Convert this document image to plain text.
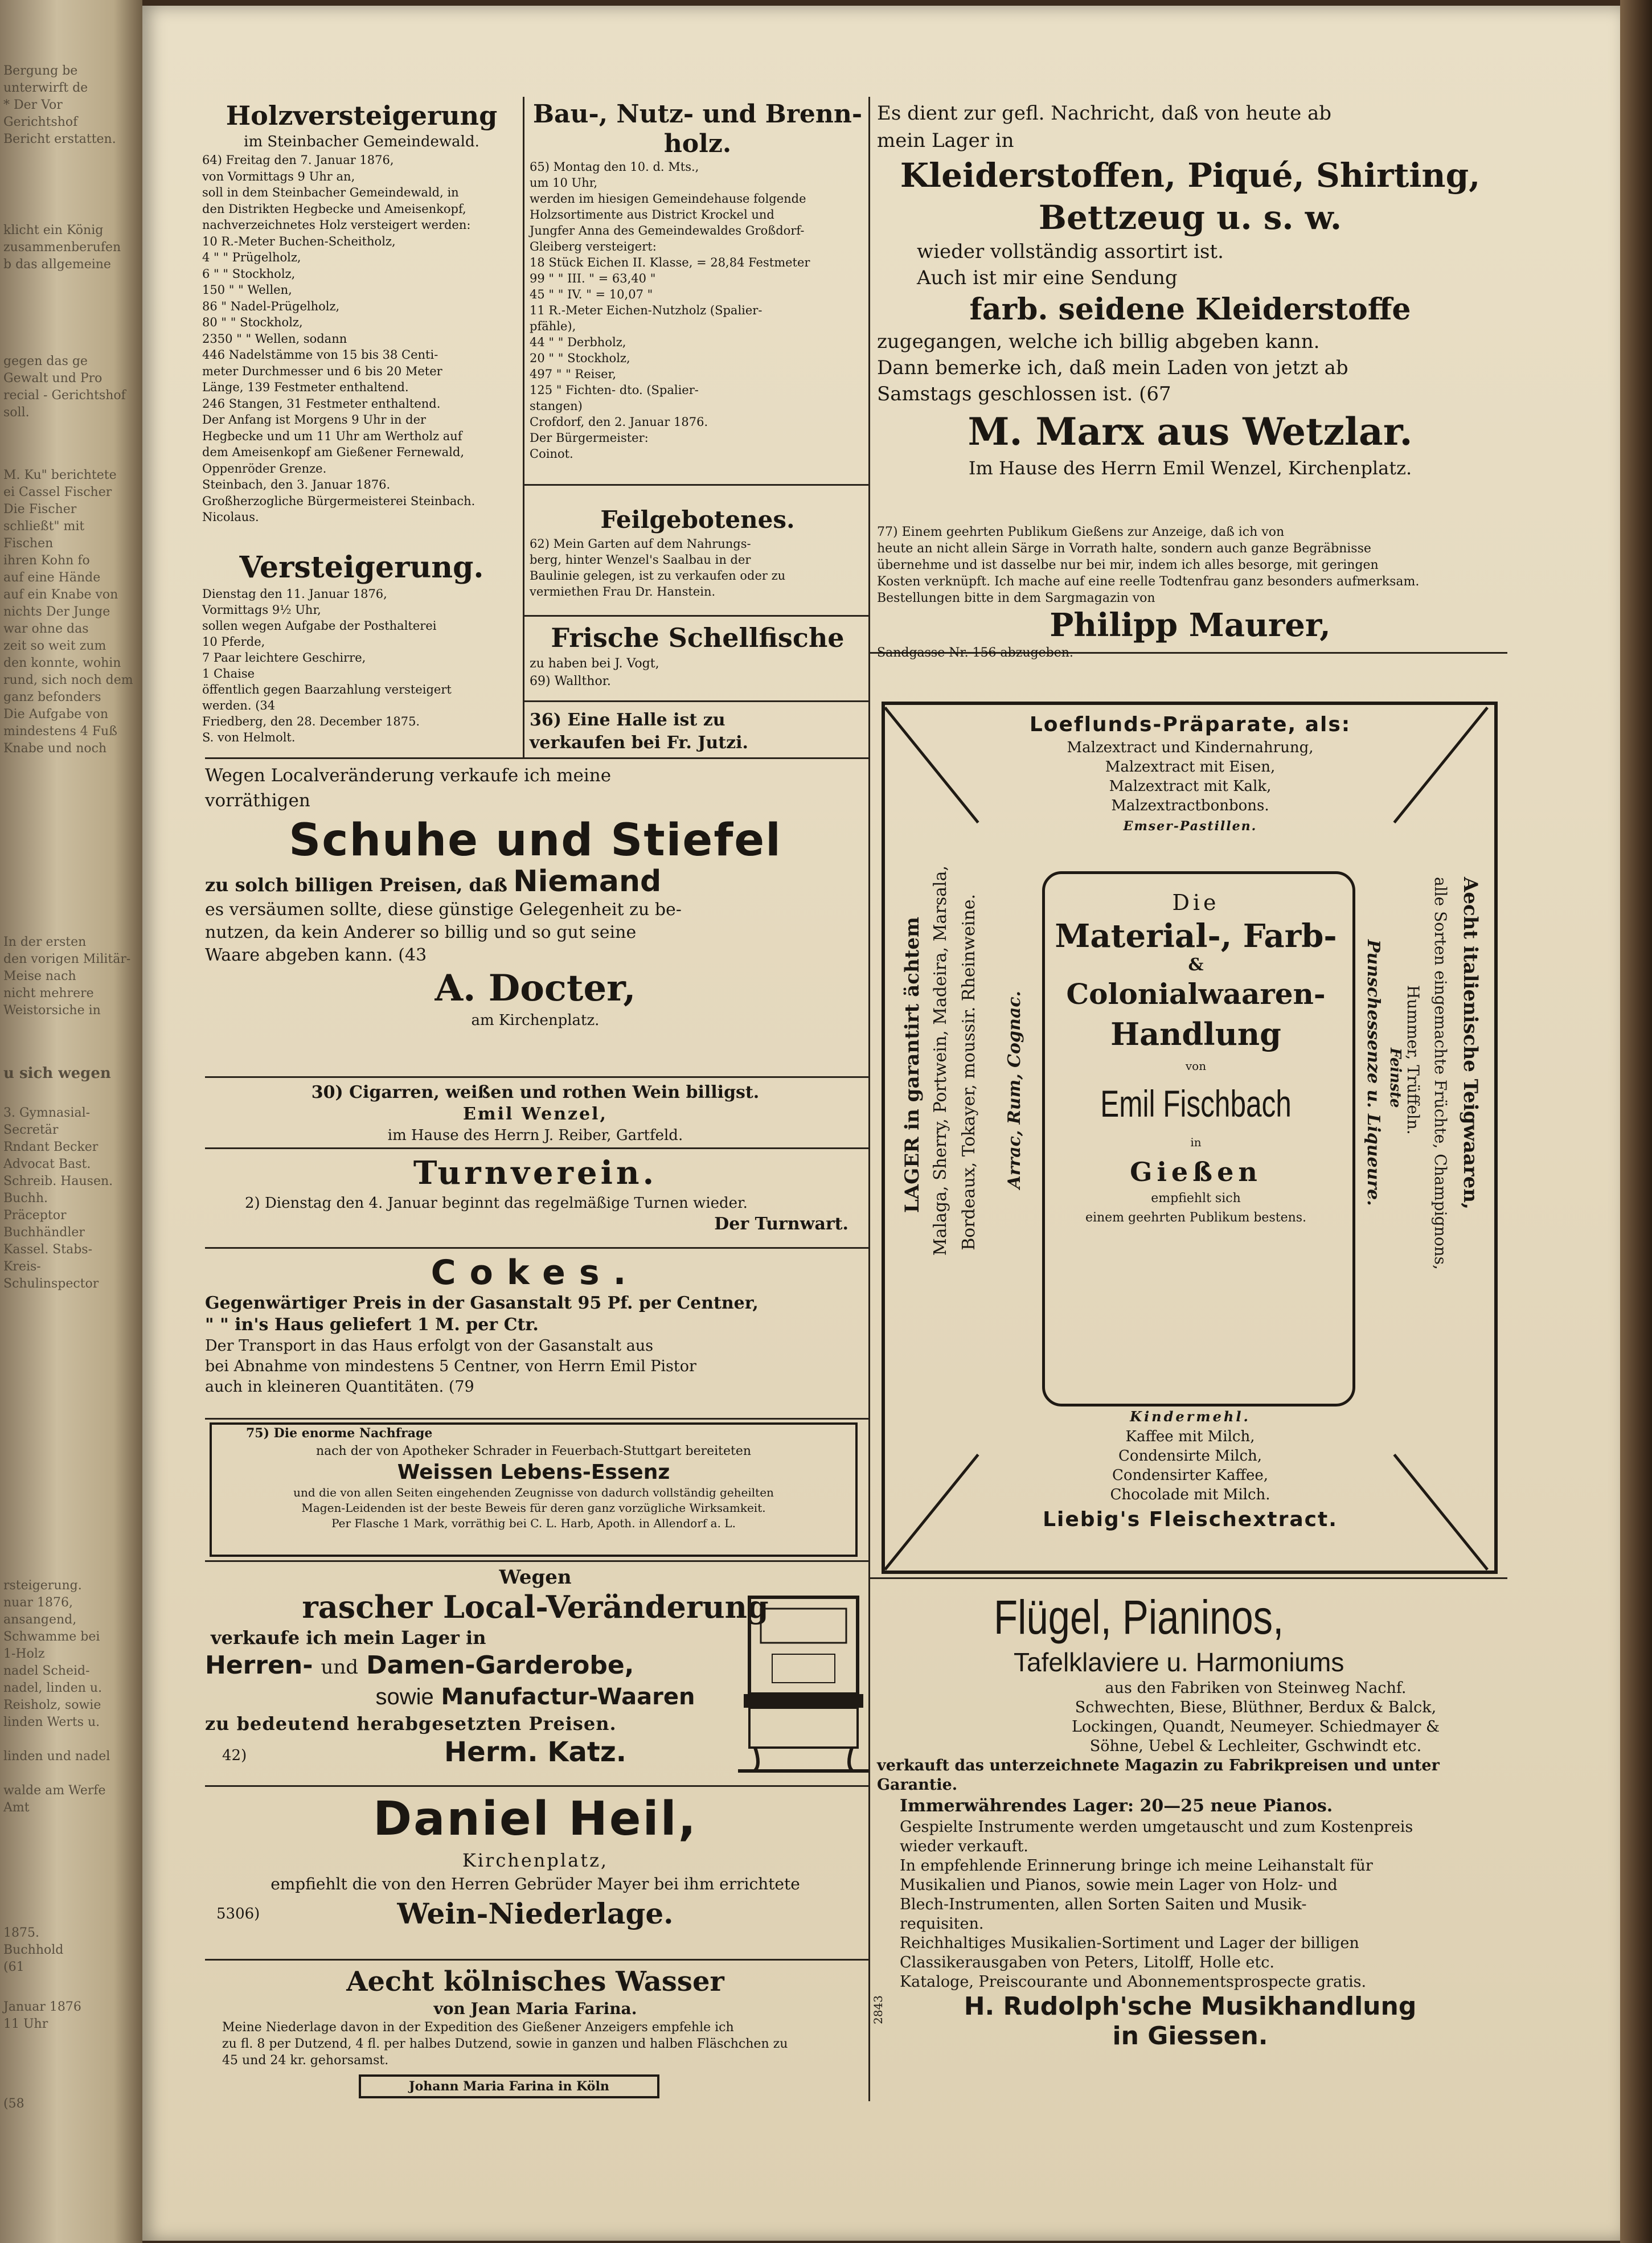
Bergung be
unterwirft de
* Der Vor
Gerichtshof
Bericht erstatten.
klicht ein König
zusammenberufen
b das allgemeine
gegen das ge
Gewalt und Pro
recial - Gerichtshof
soll.
M. Ku" berichtete
ei Cassel Fischer
Die Fischer
schließt" mit Fischen
ihren Kohn fo
auf eine Hände
auf ein Knabe von
nichts Der Junge
war ohne das
zeit so weit zum
den konnte, wohin
rund, sich noch dem
ganz befonders
Die Aufgabe von
mindestens 4 Fuß
Knabe und noch
In der ersten
den vorigen Militär-
Meise nach
nicht mehrere
Weistorsiche in
u sich wegen
3. Gymnasial-
Secretär
Rndant Becker
Advocat Bast.
Schreib. Hausen.
Buchh.
Präceptor
Buchhändler
Kassel. Stabs-
Kreis-Schulinspector
rsteigerung.
nuar 1876,
ansangend,
Schwamme bei
1-Holz
nadel Scheid-
nadel, linden u.
Reisholz, sowie
linden Werts u.

linden und nadel

walde am Werfe
Amt
1875.
Buchhold
(61
Januar 1876
11 Uhr
(58
Holzversteigerung
im Steinbacher Gemeindewald.
64) Freitag den 7. Januar 1876,
von Vormittags 9 Uhr an,
soll in dem Steinbacher Gemeindewald, in
den Distrikten Hegbecke und Ameisenkopf,
nachverzeichnetes Holz versteigert werden:
10 R.-Meter Buchen-Scheitholz,
4 " " Prügelholz,
6 " " Stockholz,
150 " " Wellen,
86 " Nadel-Prügelholz,
80 " " Stockholz,
2350 " " Wellen, sodann
446 Nadelstämme von 15 bis 38 Centi-
meter Durchmesser und 6 bis 20 Meter
Länge, 139 Festmeter enthaltend.
246 Stangen, 31 Festmeter enthaltend.
Der Anfang ist Morgens 9 Uhr in der
Hegbecke und um 11 Uhr am Wertholz auf
dem Ameisenkopf am Gießener Fernewald,
Oppenröder Grenze.
Steinbach, den 3. Januar 1876.
Großherzogliche Bürgermeisterei Steinbach.
Nicolaus.
Bau-, Nutz- und Brenn-
holz.
65) Montag den 10. d. Mts.,
um 10 Uhr,
werden im hiesigen Gemeindehause folgende
Holzsortimente aus District Krockel und
Jungfer Anna des Gemeindewaldes Großdorf-
Gleiberg versteigert:
18 Stück Eichen II. Klasse, = 28,84 Festmeter
99 " " III. " = 63,40 "
45 " " IV. " = 10,07 "
11 R.-Meter Eichen-Nutzholz (Spalier-
pfähle),
44 " " Derbholz,
20 " " Stockholz,
497 " " Reiser,
125 " Fichten- dto. (Spalier-
stangen)
Crofdorf, den 2. Januar 1876.
Der Bürgermeister:
Coinot.
Feilgebotenes.
62) Mein Garten auf dem Nahrungs-
berg, hinter Wenzel's Saalbau in der
Baulinie gelegen, ist zu verkaufen oder zu
vermiethen Frau Dr. Hanstein.
Frische Schellfische
zu haben bei J. Vogt,
69) Wallthor.
36) Eine Halle ist zu
verkaufen bei Fr. Jutzi.
Versteigerung.
Dienstag den 11. Januar 1876,
Vormittags 9½ Uhr,
sollen wegen Aufgabe der Posthalterei
10 Pferde,
7 Paar leichtere Geschirre,
1 Chaise
öffentlich gegen Baarzahlung versteigert
werden. (34
Friedberg, den 28. December 1875.
S. von Helmolt.
Wegen Localveränderung verkaufe ich meine
vorräthigen
Schuhe und Stiefel
zu solch billigen Preisen, daß Niemand
es versäumen sollte, diese günstige Gelegenheit zu be-
nutzen, da kein Anderer so billig und so gut seine
Waare abgeben kann. (43
A. Docter,
am Kirchenplatz.
30) Cigarren, weißen und rothen Wein billigst.
Emil Wenzel,
im Hause des Herrn J. Reiber, Gartfeld.
Turnverein.
2) Dienstag den 4. Januar beginnt das regelmäßige Turnen wieder.
Der Turnwart.
Cokes.
Gegenwärtiger Preis in der Gasanstalt 95 Pf. per Centner,
" " in's Haus geliefert 1 M. per Ctr.
Der Transport in das Haus erfolgt von der Gasanstalt aus
bei Abnahme von mindestens 5 Centner, von Herrn Emil Pistor
auch in kleineren Quantitäten. (79
75) Die enorme Nachfrage
nach der von Apotheker Schrader in Feuerbach-Stuttgart bereiteten
Weissen Lebens-Essenz
und die von allen Seiten eingehenden Zeugnisse von dadurch vollständig geheilten
Magen-Leidenden ist der beste Beweis für deren ganz vorzügliche Wirksamkeit.
Per Flasche 1 Mark, vorräthig bei C. L. Harb, Apoth. in Allendorf a. L.
Wegen
rascher Local-Veränderung
verkaufe ich mein Lager in
Herren- und Damen-Garderobe,
sowie Manufactur-Waaren
zu bedeutend herabgesetzten Preisen.
42)	Herm. Katz.
Daniel Heil,
Kirchenplatz,
empfiehlt die von den Herren Gebrüder Mayer bei ihm errichtete
5306)	Wein-Niederlage.
Aecht kölnisches Wasser
von Jean Maria Farina.
Meine Niederlage davon in der Expedition des Gießener Anzeigers empfehle ich
zu fl. 8 per Dutzend, 4 fl. per halbes Dutzend, sowie in ganzen und halben Fläschchen zu
45 und 24 kr. gehorsamst.
Johann Maria Farina in Köln
Es dient zur gefl. Nachricht, daß von heute ab
mein Lager in
Kleiderstoffen, Piqué, Shirting,
Bettzeug u. s. w.
wieder vollständig assortirt ist.
Auch ist mir eine Sendung
farb. seidene Kleiderstoffe
zugegangen, welche ich billig abgeben kann.
Dann bemerke ich, daß mein Laden von jetzt ab
Samstags geschlossen ist. (67
M. Marx aus Wetzlar.
Im Hause des Herrn Emil Wenzel, Kirchenplatz.
77) Einem geehrten Publikum Gießens zur Anzeige, daß ich von
heute an nicht allein Särge in Vorrath halte, sondern auch ganze Begräbnisse
übernehme und ist dasselbe nur bei mir, indem ich alles besorge, mit geringen
Kosten verknüpft. Ich mache auf eine reelle Todtenfrau ganz besonders aufmerksam.
Bestellungen bitte in dem Sargmagazin von
Philipp Maurer,
Sandgasse Nr. 156 abzugeben.
Loeflunds-Präparate, als:
Malzextract und Kindernahrung,
Malzextract mit Eisen,
Malzextract mit Kalk,
Malzextractbonbons.
Emser-Pastillen.
LAGER in garantirt ächtem Malaga, Sherry, Portwein, Madeira, Marsala, Bordeaux, Tokayer, moussir. Rheinweine. Arrac, Rum, Cognac.	Aecht italienische Teigwaaren,
alle Sorten eingemachte Früchte, Champignons,
Hummer, Trüffeln.
Punschessenze u. Liqueure. Feinste
Die
Material-, Farb-
&
Colonialwaaren-
Handlung
von
Emil Fischbach
in
Gießen
empfiehlt sich
einem geehrten Publikum bestens.
Kindermehl.
Kaffee mit Milch,
Condensirte Milch,
Condensirter Kaffee,
Chocolade mit Milch.
Liebig's Fleischextract.
Flügel, Pianinos,
Tafelklaviere u. Harmoniums
aus den Fabriken von Steinweg Nachf.
Schwechten, Biese, Blüthner, Berdux & Balck,
Lockingen, Quandt, Neumeyer. Schiedmayer &
Söhne, Uebel & Lechleiter, Gschwindt etc.
verkauft das unterzeichnete Magazin zu Fabrikpreisen und unter
Garantie.
Immerwährendes Lager: 20—25 neue Pianos.
Gespielte Instrumente werden umgetauscht und zum Kostenpreis
wieder verkauft.
In empfehlende Erinnerung bringe ich meine Leihanstalt für
Musikalien und Pianos, sowie mein Lager von Holz- und
Blech-Instrumenten, allen Sorten Saiten und Musik-
requisiten.
Reichhaltiges Musikalien-Sortiment und Lager der billigen
Classikerausgaben von Peters, Litolff, Holle etc.
Kataloge, Preiscourante und Abonnementsprospecte gratis.
2843	H. Rudolph'sche Musikhandlung
in Giessen.
